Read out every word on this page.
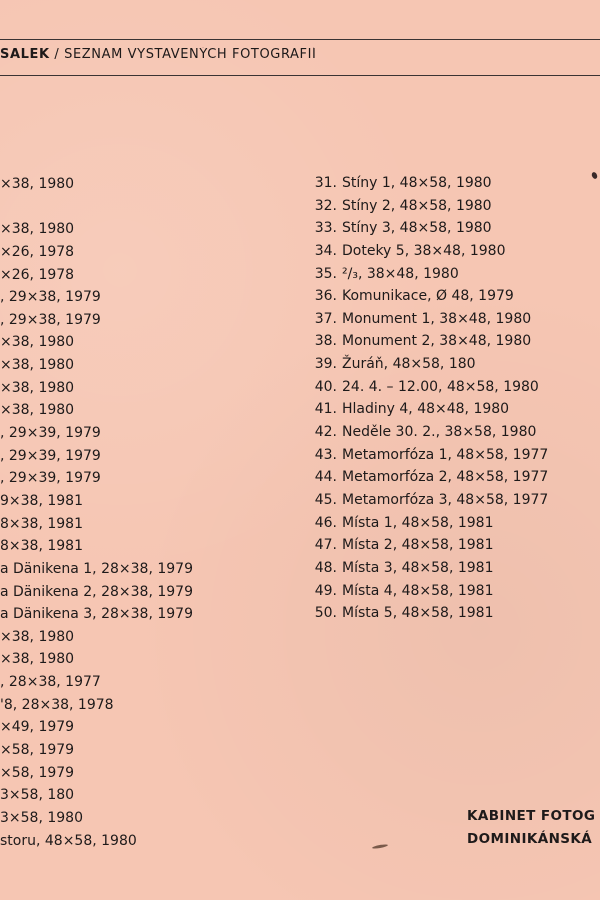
ŠALEK / SEZNAM VYSTAVENÝCH FOTOGRAFIÍ
×38, 1980
×38, 1980
×26, 1978
×26, 1978
, 29×38, 1979
, 29×38, 1979
×38, 1980
×38, 1980
×38, 1980
×38, 1980
, 29×39, 1979
, 29×39, 1979
, 29×39, 1979
9×38, 1981
8×38, 1981
8×38, 1981
a Dänikena 1, 28×38, 1979
a Dänikena 2, 28×38, 1979
a Dänikena 3, 28×38, 1979
×38, 1980
×38, 1980
, 28×38, 1977
'8, 28×38, 1978
×49, 1979
×58, 1979
×58, 1979
3×58, 180
3×58, 1980
storu, 48×58, 1980
31. Stíny 1, 48×58, 1980
32. Stíny 2, 48×58, 1980
33. Stíny 3, 48×58, 1980
34. Doteky 5, 38×48, 1980
35. ²/₃, 38×48, 1980
36. Komunikace, Ø 48, 1979
37. Monument 1, 38×48, 1980
38. Monument 2, 38×48, 1980
39. Žuráň, 48×58, 180
40. 24. 4. – 12.00, 48×58, 1980
41. Hladiny 4, 48×48, 1980
42. Neděle 30. 2., 38×58, 1980
43. Metamorfóza 1, 48×58, 1977
44. Metamorfóza 2, 48×58, 1977
45. Metamorfóza 3, 48×58, 1977
46. Místa 1, 48×58, 1981
47. Místa 2, 48×58, 1981
48. Místa 3, 48×58, 1981
49. Místa 4, 48×58, 1981
50. Místa 5, 48×58, 1981
KABINET FOTOG
DOMINIKÁNSKÁ
